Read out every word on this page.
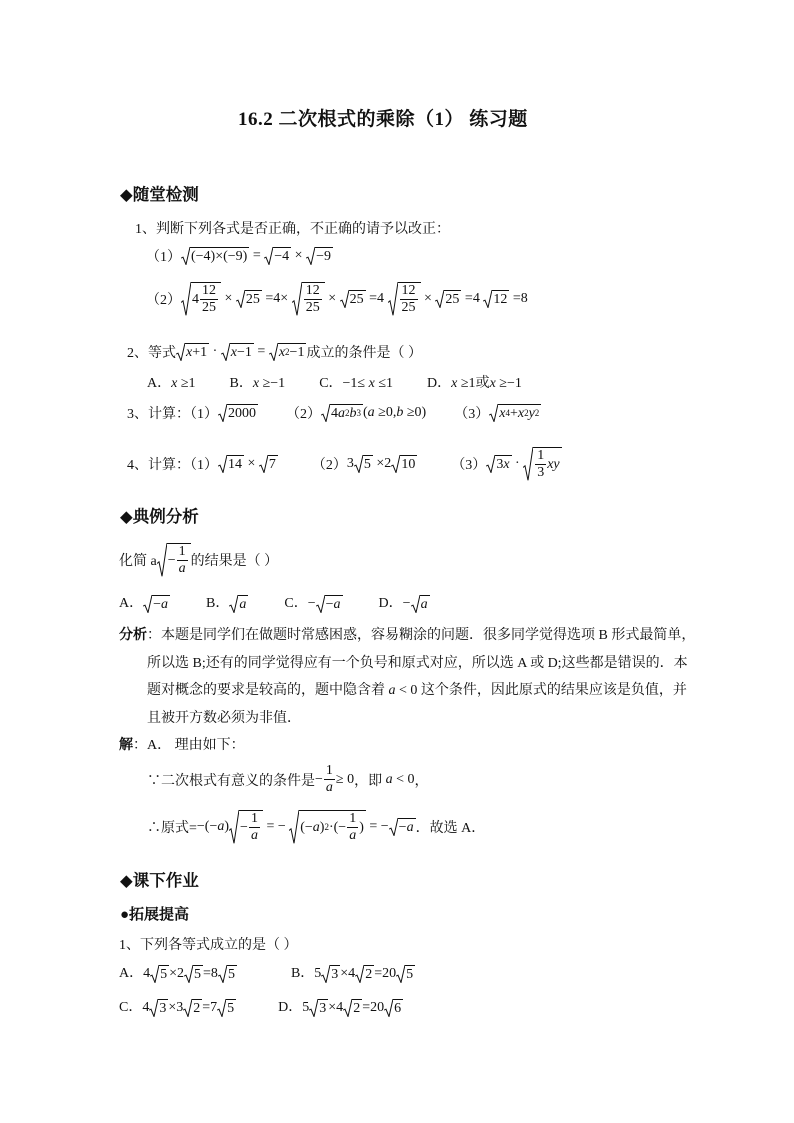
16.2 二次根式的乘除（1） 练习题
◆随堂检测
1、判断下列各式是否正确，不正确的请予以改正：
（1） (−4)×(−9) = −4 × −9
（2） $4 \frac{12}{25} \times 25 =4\times \frac{12}{25} \times 25 =4 \frac{12}{25} \times 25 =4$ 12 =8
2、等式 x +1 · x −1 = x 2 −1 成立的条件是（ ）
A．x ≥1 B．x ≥−1 C．−1≤ x ≤1 D．x ≥1或x ≥−1
3、计算：（1） 2000 （2） 4 a 2 b 3 (a ≥0,b ≥0) （3） x 4 + x 2 y 2
4、计算：（1） 14 × 7	（2） 3 5 ×2 10	（3） 3 $x \cdot \frac{1}{3}$ xy
◆典例分析
化简 $a - \frac{1}{a}$ 的结果是（ ）
A． − a	B． a	C．− − a	D．− a
分析：本题是同学们在做题时常感困惑，容易糊涂的问题．很多同学觉得选项 B 形式最简单，
所以选 B;还有的同学觉得应有一个负号和原式对应，所以选 A 或 D;这些都是错误的．本
题对概念的要求是较高的，题中隐含着 a < 0 这个条件，因此原式的结果应该是负值，并
且被开方数必须为非值．
解：A． 理由如下：
∵二次根式有意义的条件是 − $\frac{1}{a} \ge 0$ ，即 a < 0 ，
∴原式= $-(-a) - \frac{1}{a}$ = − (− a ) 2 ·(− $\frac{1}{a}$ ) = − − a ．故选 A．
◆课下作业
●拓展提高
1、下列各等式成立的是（ ）
A．4 5 ×2 5 =8 5	B．5 3 ×4 2 =20 5
C．4 3 ×3 2 =7 5	D．5 3 ×4 2 =20 6
